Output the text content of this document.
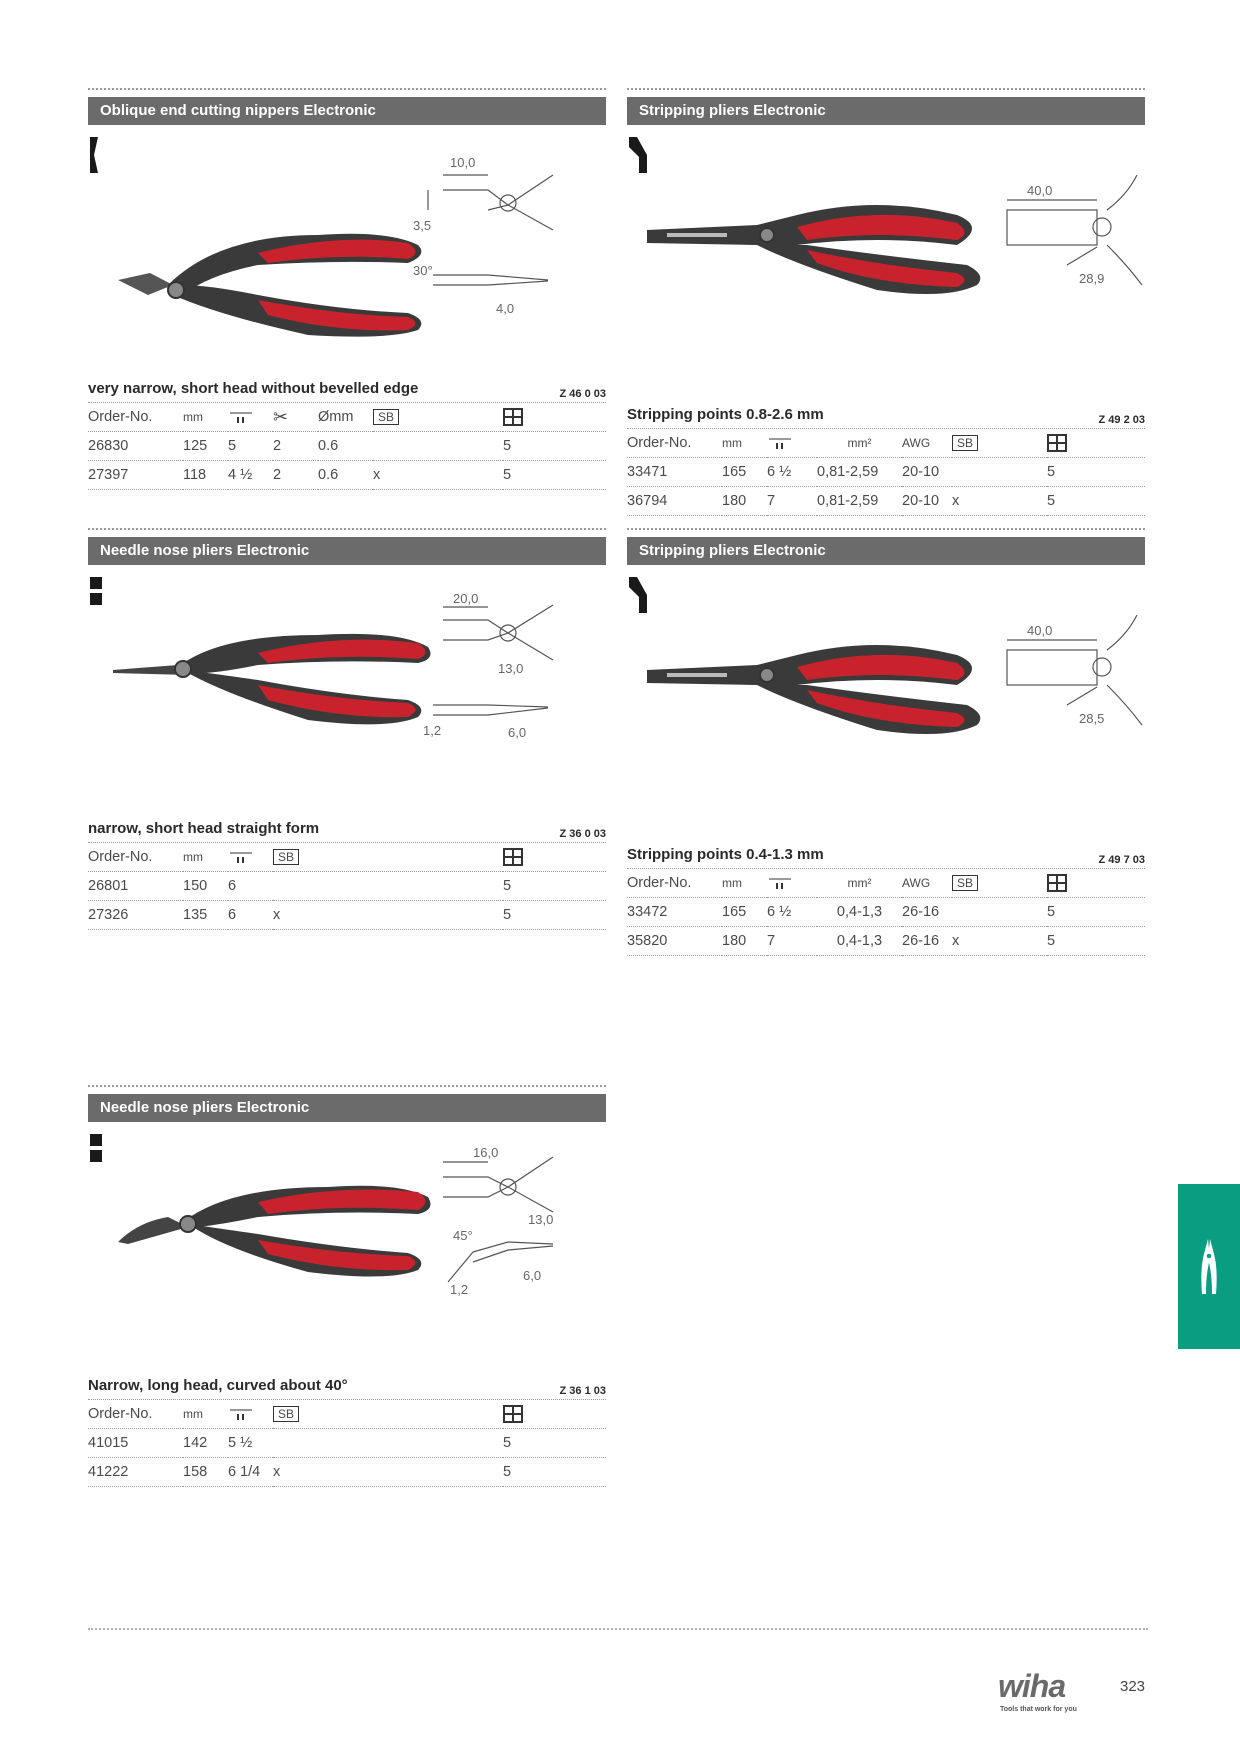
Oblique end cutting nippers Electronic
10,0
3,5
30°
4,0
very narrow, short head without bevelled edge	Z 46 0 03
Order-No.	mm		✂	Ømm	SB	
26830	125	5	2	0.6		5
27397	118	4 ½	2	0.6	x	5
Stripping pliers Electronic
40,0
28,9
Stripping points 0.8-2.6 mm	Z 49 2 03
Order-No.	mm		mm²	AWG	SB	
33471	165	6 ½	0,81-2,59	20-10		5
36794	180	7	0,81-2,59	20-10	x	5
Needle nose pliers Electronic
20,0
13,0
1,2	6,0
narrow, short head straight form	Z 36 0 03
Order-No.	mm		SB	
26801	150	6		5
27326	135	6	x	5
Stripping pliers Electronic
40,0
28,5
Stripping points 0.4-1.3 mm	Z 49 7 03
Order-No.	mm		mm²	AWG	SB	
33472	165	6 ½	0,4-1,3	26-16		5
35820	180	7	0,4-1,3	26-16	x	5
Needle nose pliers Electronic
16,0
13,0
45°
6,0
1,2
Narrow, long head, curved about 40°	Z 36 1 03
Order-No.	mm		SB	
41015	142	5 ½		5
41222	158	6 1/4	x	5
wiha
Tools that work for you
323
